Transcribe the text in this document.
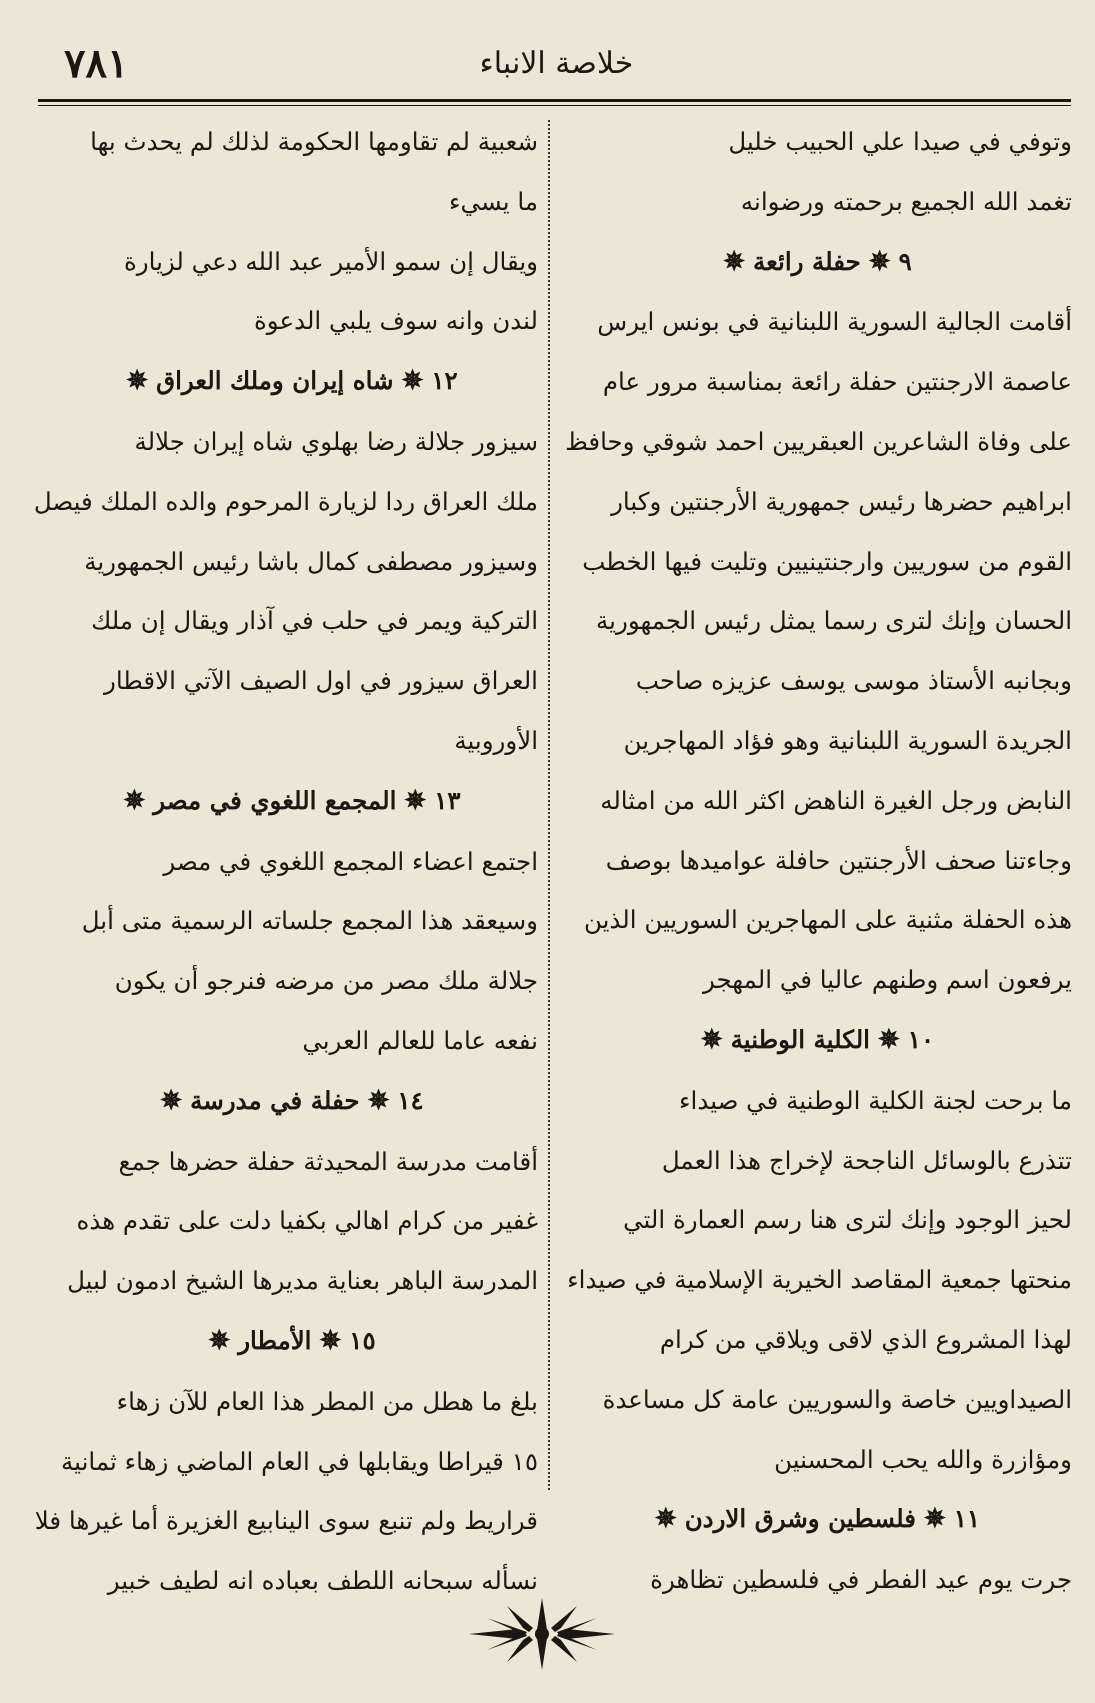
٧٨١	خلاصة الانباء
وتوفي في صيدا علي الحبيب خليل
تغمد الله الجميع برحمته ورضوانه
٩✵حفلة رائعة✵
أقامت الجالية السورية اللبنانية في بونس ايرس
عاصمة الارجنتين حفلة رائعة بمناسبة مرور عام
على وفاة الشاعرين العبقريين احمد شوقي وحافظ
ابراهيم حضرها رئيس جمهورية الأرجنتين وكبار
القوم من سوريين وارجنتينيين وتليت فيها الخطب
الحسان وإنك لترى رسما يمثل رئيس الجمهورية
وبجانبه الأستاذ موسى يوسف عزيزه صاحب
الجريدة السورية اللبنانية وهو فؤاد المهاجرين
النابض ورجل الغيرة الناهض اكثر الله من امثاله
وجاءتنا صحف الأرجنتين حافلة عواميدها بوصف
هذه الحفلة مثنية على المهاجرين السوريين الذين
يرفعون اسم وطنهم عاليا في المهجر
١٠✵الكلية الوطنية✵
ما برحت لجنة الكلية الوطنية في صيداء
تتذرع بالوسائل الناجحة لإخراج هذا العمل
لحيز الوجود وإنك لترى هنا رسم العمارة التي
منحتها جمعية المقاصد الخيرية الإسلامية في صيداء
لهذا المشروع الذي لاقى ويلاقي من كرام
الصيداويين خاصة والسوريين عامة كل مساعدة
ومؤازرة والله يحب المحسنين
١١✵فلسطين وشرق الاردن✵
جرت يوم عيد الفطر في فلسطين تظاهرة
شعبية لم تقاومها الحكومة لذلك لم يحدث بها
ما يسيء
ويقال إن سمو الأمير عبد الله دعي لزيارة
لندن وانه سوف يلبي الدعوة
١٢✵شاه إيران وملك العراق✵
سيزور جلالة رضا بهلوي شاه إيران جلالة
ملك العراق ردا لزيارة المرحوم والده الملك فيصل
وسيزور مصطفى كمال باشا رئيس الجمهورية
التركية ويمر في حلب في آذار ويقال إن ملك
العراق سيزور في اول الصيف الآتي الاقطار
الأوروبية
١٣✵المجمع اللغوي في مصر✵
اجتمع اعضاء المجمع اللغوي في مصر
وسيعقد هذا المجمع جلساته الرسمية متى أبل
جلالة ملك مصر من مرضه فنرجو أن يكون
نفعه عاما للعالم العربي
١٤✵حفلة في مدرسة✵
أقامت مدرسة المحيدثة حفلة حضرها جمع
غفير من كرام اهالي بكفيا دلت على تقدم هذه
المدرسة الباهر بعناية مديرها الشيخ ادمون لبيل
١٥✵الأمطار✵
بلغ ما هطل من المطر هذا العام للآن زهاء
١٥ قيراطا ويقابلها في العام الماضي زهاء ثمانية
قراريط ولم تنبع سوى الينابيع الغزيرة أما غيرها فلا
نسأله سبحانه اللطف بعباده انه لطيف خبير
